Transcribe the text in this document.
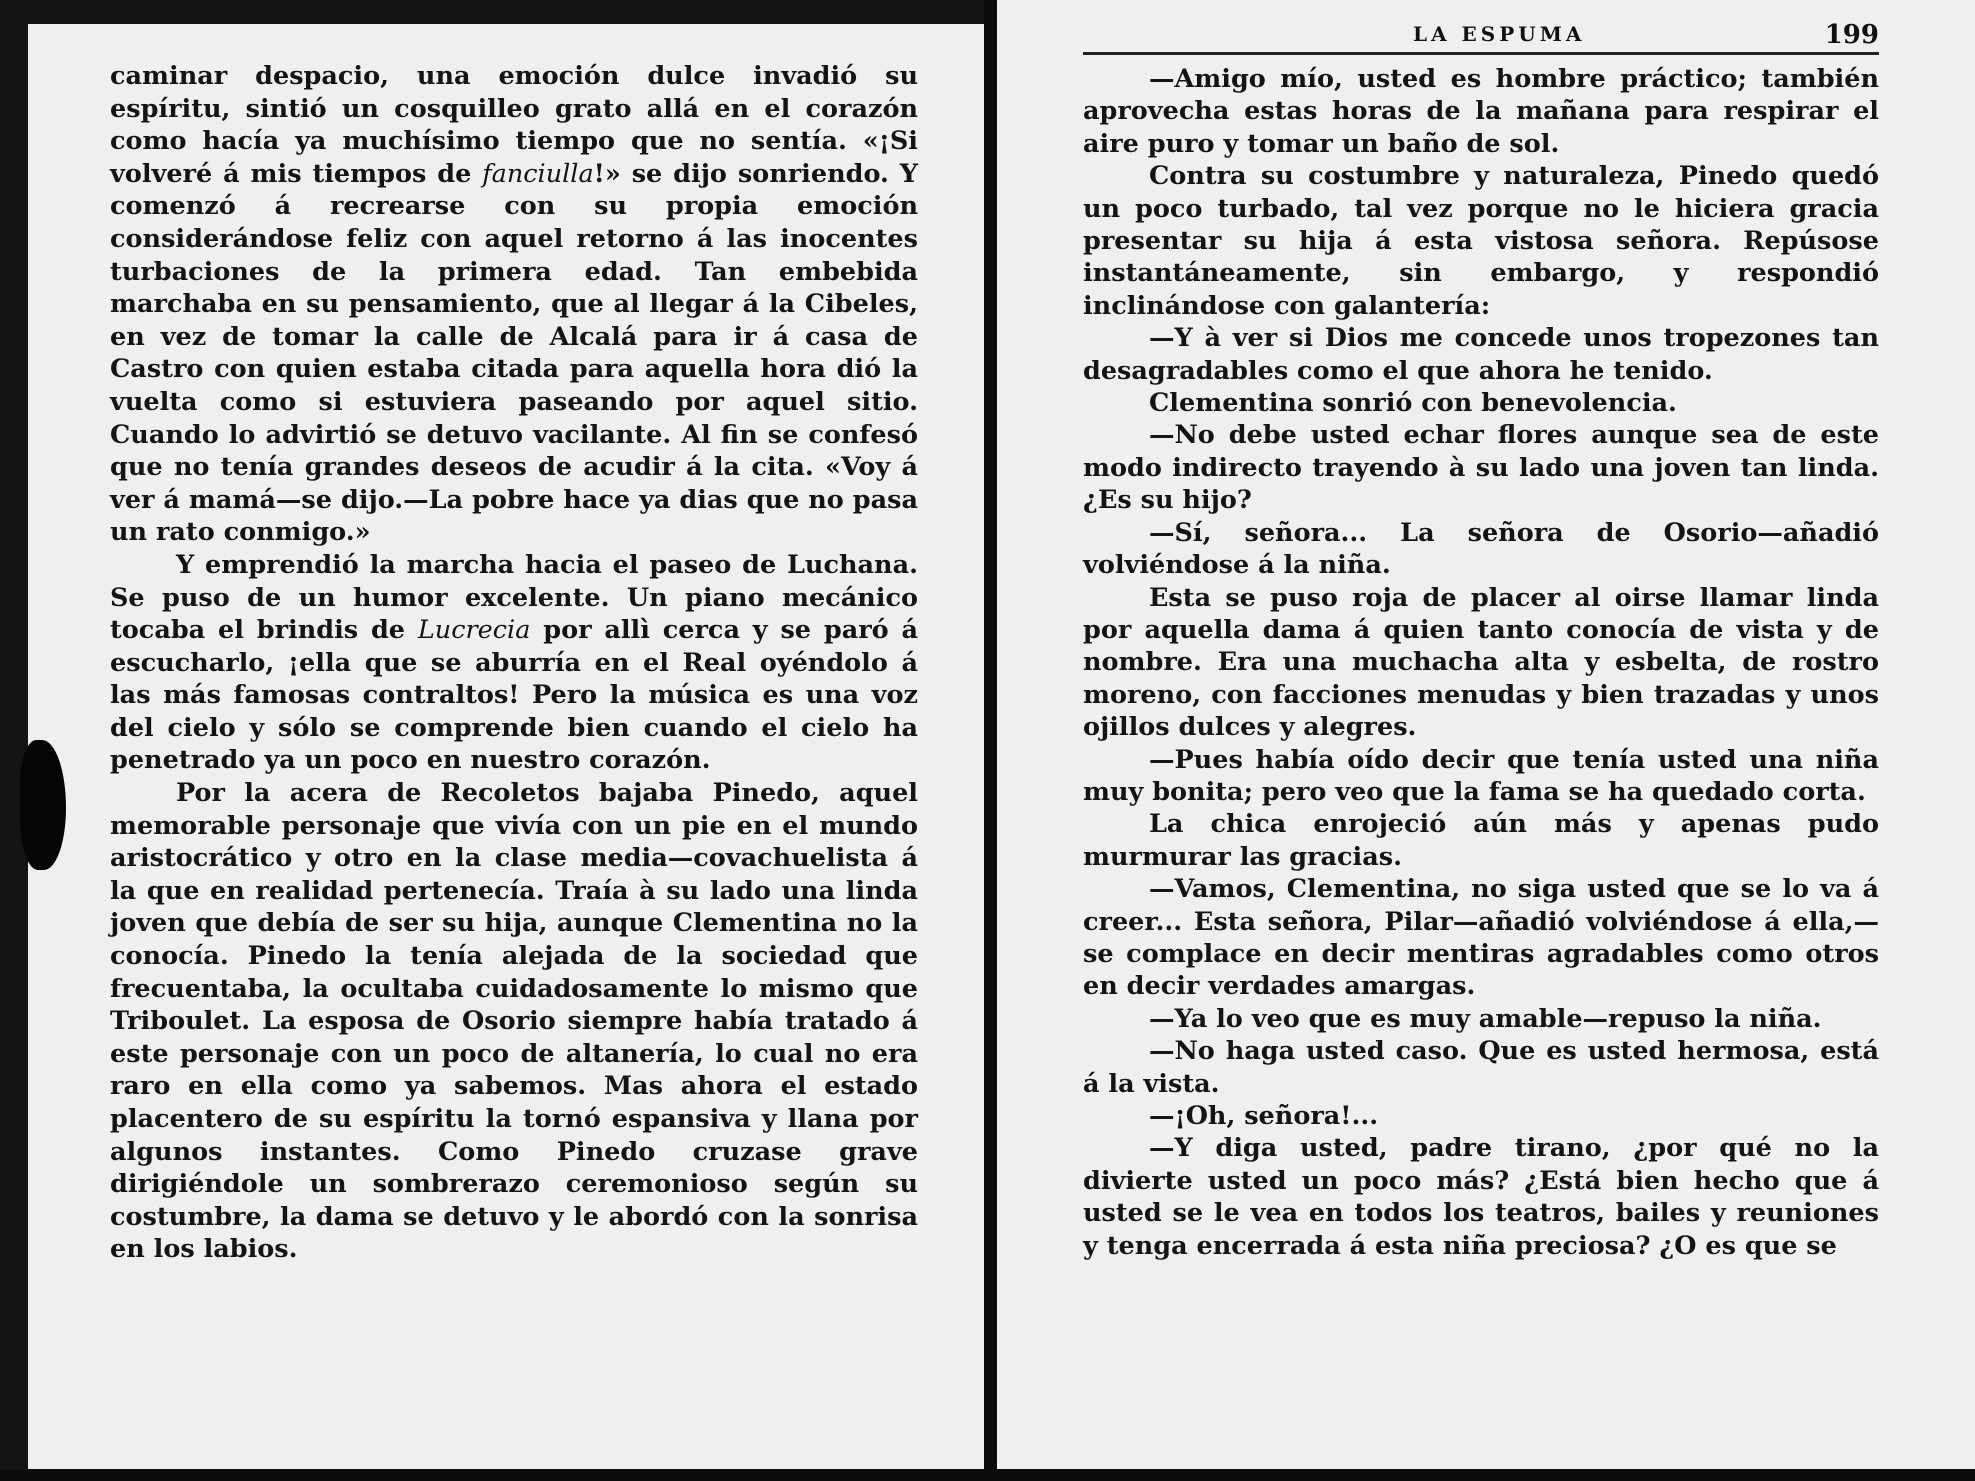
caminar despacio, una emoción dulce invadió su espíritu, sintió un cosquilleo grato allá en el corazón como hacía ya muchísimo tiempo que no sentía. «¡Si volveré á mis tiempos de fanciulla!» se dijo sonriendo. Y comenzó á recrearse con su propia emoción considerándose feliz con aquel retorno á las inocentes turbaciones de la primera edad. Tan embebida marchaba en su pensamiento, que al llegar á la Cibeles, en vez de tomar la calle de Alcalá para ir á casa de Castro con quien estaba citada para aquella hora dió la vuelta como si estuviera paseando por aquel sitio. Cuando lo advirtió se detuvo vacilante. Al fin se confesó que no tenía grandes deseos de acudir á la cita. «Voy á ver á mamá—se dijo.—La pobre hace ya dias que no pasa un rato conmigo.»

Y emprendió la marcha hacia el paseo de Luchana. Se puso de un humor excelente. Un piano mecánico tocaba el brindis de Lucrecia por allì cerca y se paró á escucharlo, ¡ella que se aburría en el Real oyéndolo á las más famosas contraltos! Pero la música es una voz del cielo y sólo se comprende bien cuando el cielo ha penetrado ya un poco en nuestro corazón.

Por la acera de Recoletos bajaba Pinedo, aquel memorable personaje que vivía con un pie en el mundo aristocrático y otro en la clase media—covachuelista á la que en realidad pertenecía. Traía à su lado una linda joven que debía de ser su hija, aunque Clementina no la conocía. Pinedo la tenía alejada de la sociedad que frecuentaba, la ocultaba cuidadosamente lo mismo que Triboulet. La esposa de Osorio siempre había tratado á este personaje con un poco de altanería, lo cual no era raro en ella como ya sabemos. Mas ahora el estado placentero de su espíritu la tornó espansiva y llana por algunos instantes. Como Pinedo cruzase grave dirigiéndole un sombrerazo ceremonioso según su costumbre, la dama se detuvo y le abordó con la sonrisa en los labios.

LA ESPUMA	199

—Amigo mío, usted es hombre práctico; también aprovecha estas horas de la mañana para respirar el aire puro y tomar un baño de sol.

Contra su costumbre y naturaleza, Pinedo quedó un poco turbado, tal vez porque no le hiciera gracia presentar su hija á esta vistosa señora. Repúsose instantáneamente, sin embargo, y respondió inclinándose con galantería:

—Y à ver si Dios me concede unos tropezones tan desagradables como el que ahora he tenido.

Clementina sonrió con benevolencia.

—No debe usted echar flores aunque sea de este modo indirecto trayendo à su lado una joven tan linda. ¿Es su hijo?

—Sí, señora... La señora de Osorio—añadió volviéndose á la niña.

Esta se puso roja de placer al oirse llamar linda por aquella dama á quien tanto conocía de vista y de nombre. Era una muchacha alta y esbelta, de rostro moreno, con facciones menudas y bien trazadas y unos ojillos dulces y alegres.

—Pues había oído decir que tenía usted una niña muy bonita; pero veo que la fama se ha quedado corta.

La chica enrojeció aún más y apenas pudo murmurar las gracias.

—Vamos, Clementina, no siga usted que se lo va á creer... Esta señora, Pilar—añadió volviéndose á ella,—se complace en decir mentiras agradables como otros en decir verdades amargas.

—Ya lo veo que es muy amable—repuso la niña.

—No haga usted caso. Que es usted hermosa, está á la vista.

—¡Oh, señora!...

—Y diga usted, padre tirano, ¿por qué no la divierte usted un poco más? ¿Está bien hecho que á usted se le vea en todos los teatros, bailes y reuniones y tenga encerrada á esta niña preciosa? ¿O es que se
